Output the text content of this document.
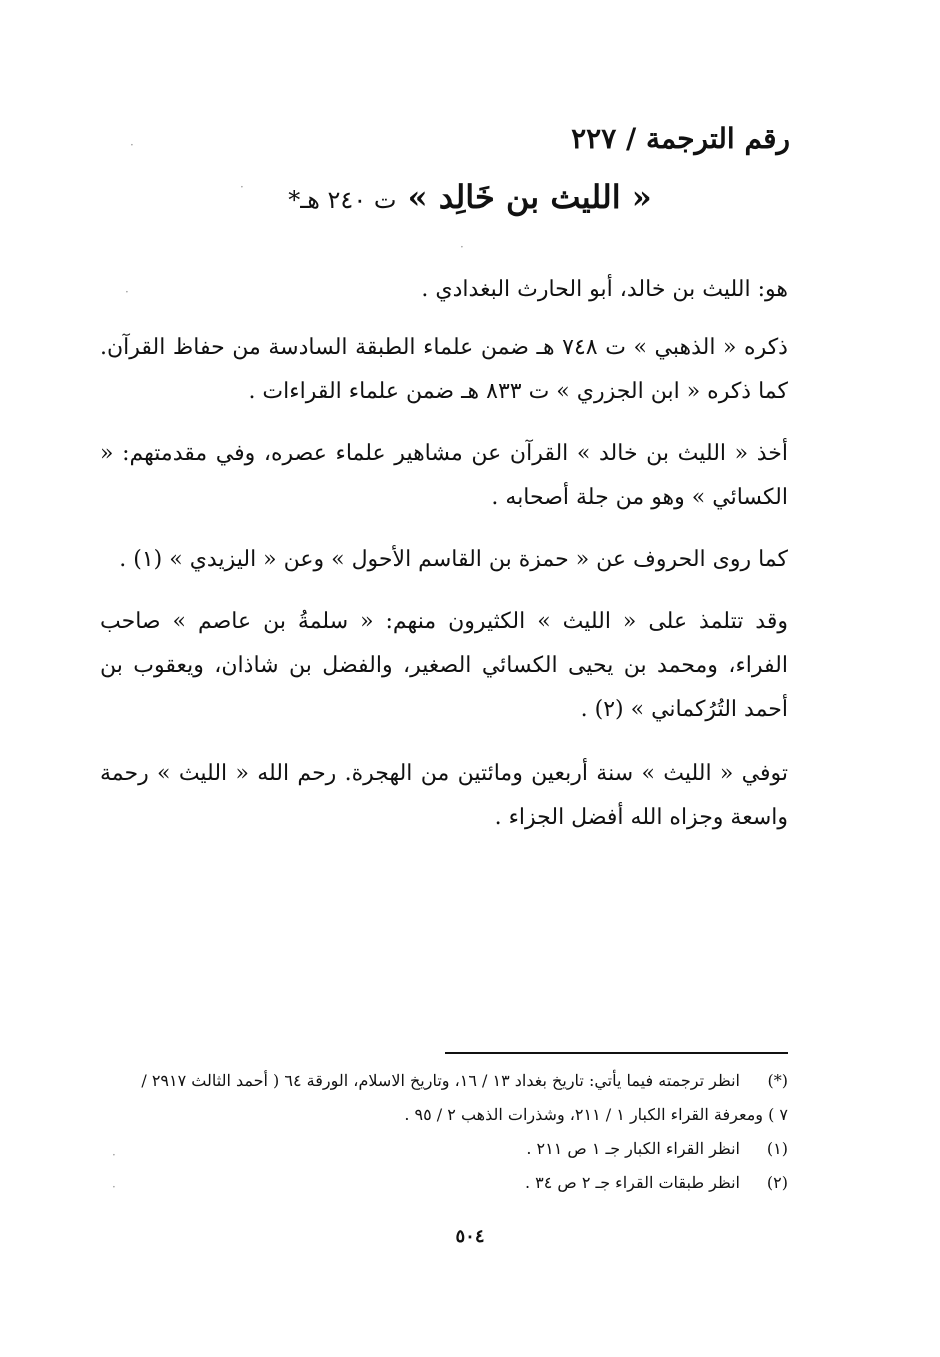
رقم الترجمة / ٢٢٧
« الليث بن خَالِد » ت ٢٤٠ هـ*
هو: الليث بن خالد، أبو الحارث البغدادي .
ذكره « الذهبي » ت ٧٤٨ هـ ضمن علماء الطبقة السادسة من حفاظ القرآن. كما ذكره « ابن الجزري » ت ٨٣٣ هـ ضمن علماء القراءات .
أخذ « الليث بن خالد » القرآن عن مشاهير علماء عصره، وفي مقدمتهم: « الكسائي » وهو من جلة أصحابه .
كما روى الحروف عن « حمزة بن القاسم الأحول » وعن « اليزيدي » (١) .
وقد تتلمذ على « الليث » الكثيرون منهم: « سلمةُ بن عاصم » صاحب الفراء، ومحمد بن يحيى الكسائي الصغير، والفضل بن شاذان، ويعقوب بن أحمد التُرُكماني » (٢) .
توفي « الليث » سنة أربعين ومائتين من الهجرة. رحم الله « الليث » رحمة واسعة وجزاه الله أفضل الجزاء .
(*)
انظر ترجمته فيما يأتي: تاريخ بغداد ١٣ / ١٦، وتاريخ الاسلام، الورقة ٦٤ ( أحمد الثالث ٢٩١٧ /
٧ ) ومعرفة القراء الكبار ١ / ٢١١، وشذرات الذهب ٢ / ٩٥ .
(١)
انظر القراء الكبار جـ ١ ص ٢١١ .
(٢)
انظر طبقات القراء جـ ٢ ص ٣٤ .
٥٠٤
·
·
·
·
·
·
